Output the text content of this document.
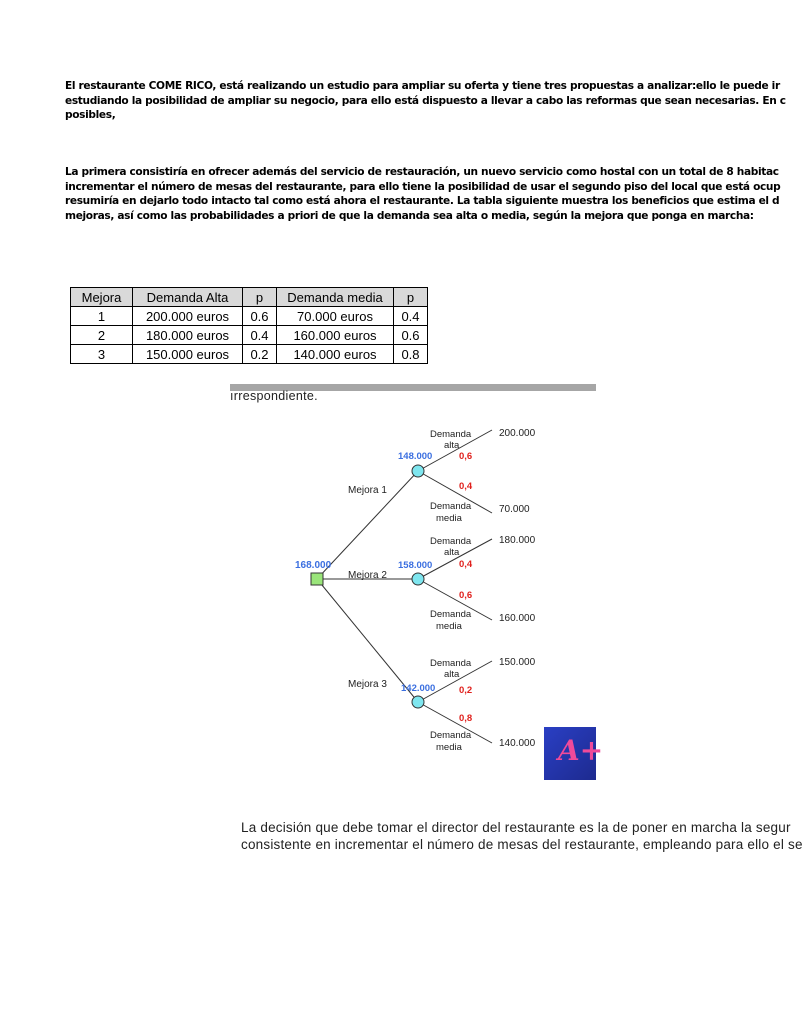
El restaurante COME RICO, está realizando un estudio para ampliar su oferta y tiene tres propuestas a analizar:ello le puede ir
estudiando la posibilidad de ampliar su negocio, para ello está dispuesto a llevar a cabo las reformas que sean necesarias. En c
posibles,
La primera consistiría en ofrecer además del servicio de restauración, un nuevo servicio como hostal con un total de 8 habitac
incrementar el número de mesas del restaurante, para ello tiene la posibilidad de usar el segundo piso del local que está ocup
resumiría en dejarlo todo intacto tal como está ahora el restaurante. La tabla siguiente muestra los beneficios que estima el d
mejoras, así como las probabilidades a priori de que la demanda sea alta o media, según la mejora que ponga en marcha:
Mejora	Demanda Alta	p	Demanda media	p
1	200.000 euros	0.6	70.000 euros	0.4
2	180.000 euros	0.4	160.000 euros	0.6
3	150.000 euros	0.2	140.000 euros	0.8
ırrespondiente.
168.000
Mejora 1
Mejora 2
Mejora 3
148.000
Demanda
alta
0,6
200.000
0,4
Demanda
media
70.000
158.000
Demanda
alta
0,4
180.000
0,6
Demanda
media
160.000
142.000
Demanda
alta
0,2
150.000
0,8
Demanda
media	140.000 A+
La decisión que debe tomar el director del restaurante es la de poner en marcha la segur
consistente en incrementar el número de mesas del restaurante, empleando para ello el se
